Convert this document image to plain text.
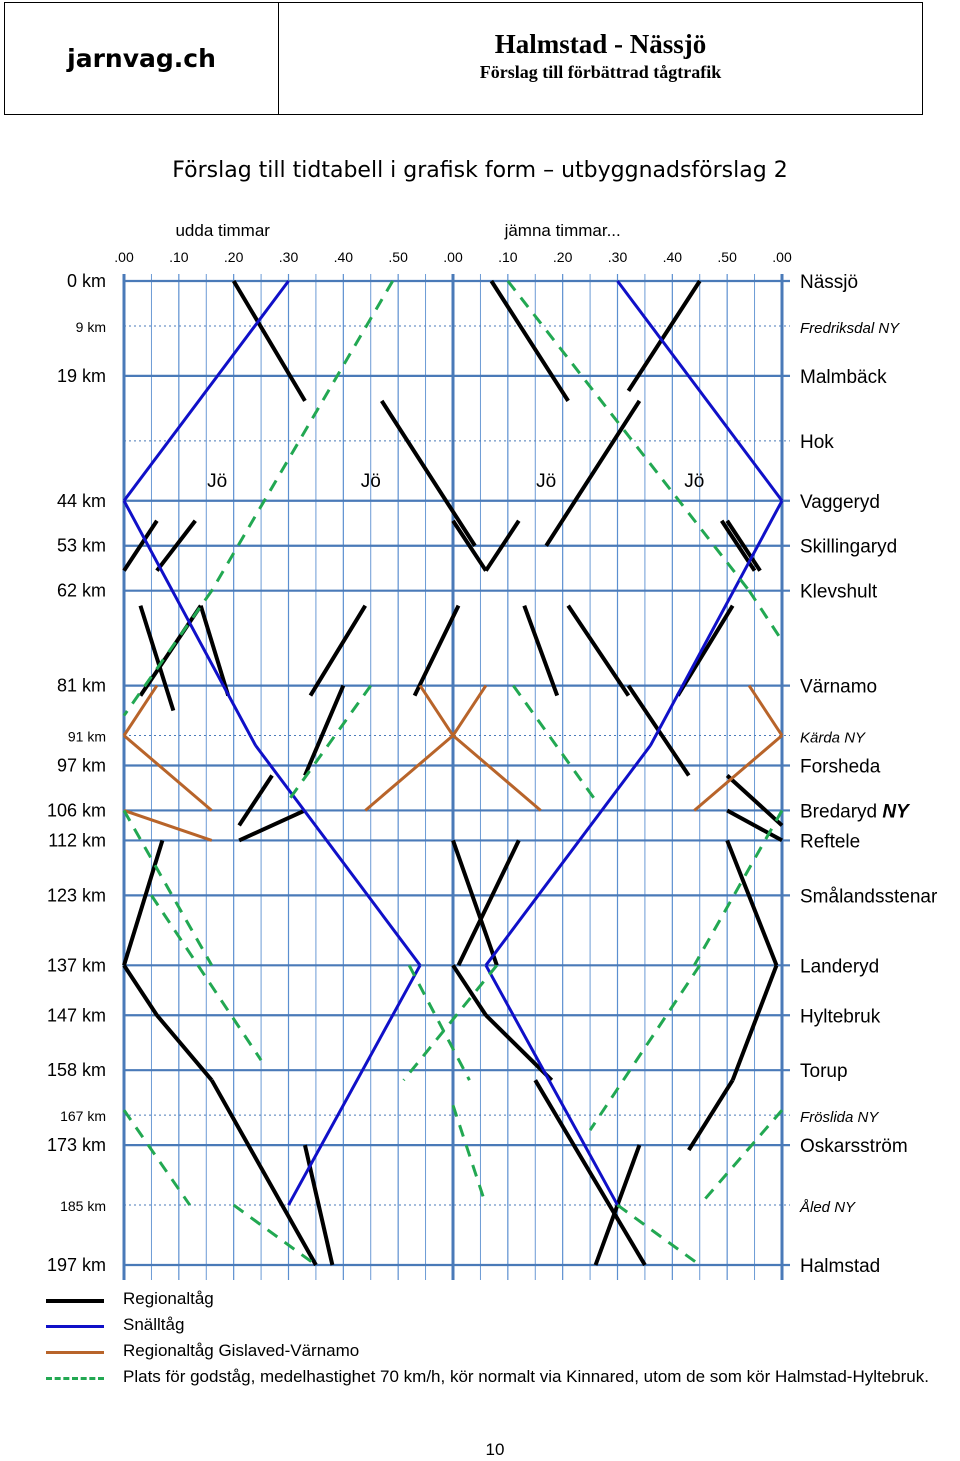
jarnvag.ch	Halmstad - Nässjö
Förslag till förbättrad tågtrafik
Förslag till tidtabell i grafisk form – utbyggnadsförslag 2
.00	.10	.20	.30	.40	.50	.00	.10	.20	.30	.40	.50	.00
udda timmar	jämna timmar...
0 km	Nässjö
9 km	Fredriksdal NY
19 km	Malmbäck
Hok
44 km	Vaggeryd
53 km	Skillingaryd
62 km	Klevshult
81 km	Värnamo
91 km	Kärda NY
97 km	Forsheda
106 km	Bredaryd NY
112 km	Reftele
123 km	Smålandsstenar
137 km	Landeryd
147 km	Hyltebruk
158 km	Torup
167 km	Fröslida NY
173 km	Oskarsström
185 km	Åled NY
197 km	Halmstad
Jö	Jö	Jö	Jö
Regionaltåg
Snälltåg
Regionaltåg Gislaved-Värnamo
Plats för godståg, medelhastighet 70 km/h, kör normalt via Kinnared, utom de som kör Halmstad-Hyltebruk.
10
